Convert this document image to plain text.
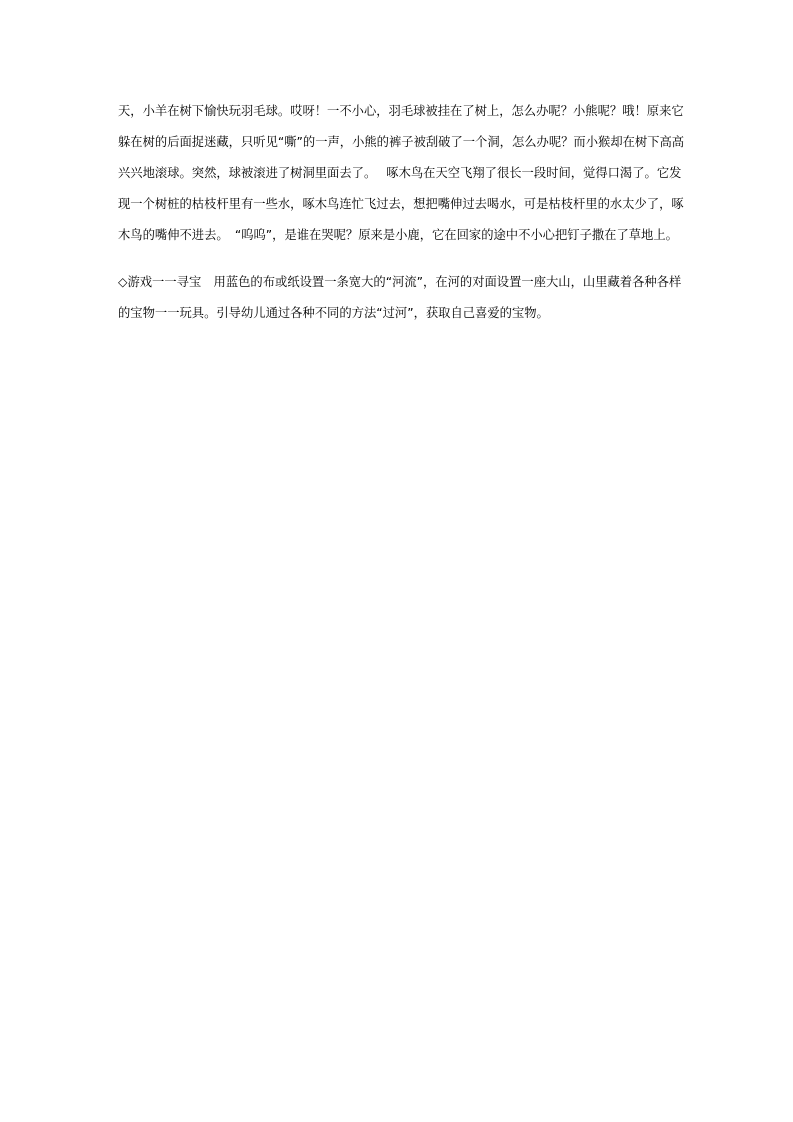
天，小羊在树下愉快玩羽毛球。哎呀！一不小心，羽毛球被挂在了树上，怎么办呢？小熊呢？哦！原来它
躲在树的后面捉迷藏，只听见“嘶”的一声，小熊的裤子被刮破了一个洞，怎么办呢？而小猴却在树下高高
兴兴地滚球。突然，球被滚进了树洞里面去了。　 啄木鸟在天空飞翔了很长一段时间，觉得口渴了。它发
现一个树桩的枯枝杆里有一些水，啄木鸟连忙飞过去，想把嘴伸过去喝水，可是枯枝杆里的水太少了，啄
木鸟的嘴伸不进去。　“呜呜”，是谁在哭呢？原来是小鹿，它在回家的途中不小心把钉子撒在了草地上。

◇游戏一一寻宝　用蓝色的布或纸设置一条宽大的“河流”，在河的对面设置一座大山，山里藏着各种各样
的宝物一一玩具。引导幼儿通过各种不同的方法“过河”，获取自己喜爱的宝物。
